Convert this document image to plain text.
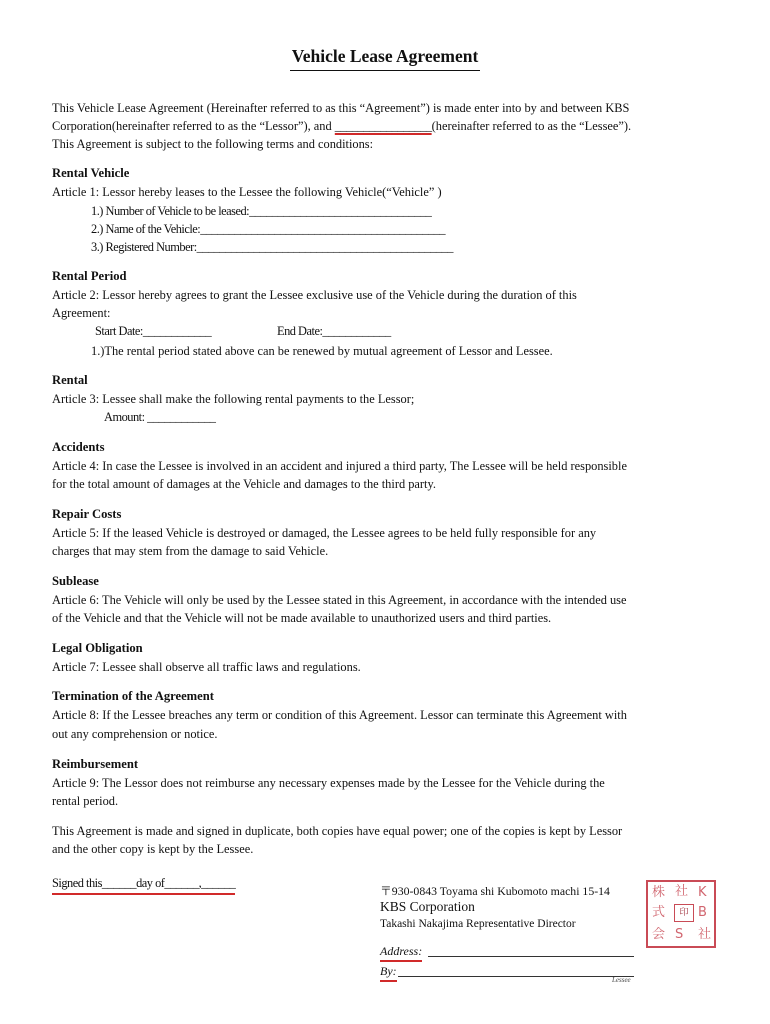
Vehicle Lease Agreement
This Vehicle Lease Agreement (Hereinafter referred to as this “Agreement”) is made enter into by and between KBS
Corporation(hereinafter referred to as the “Lessor”), and _________________(hereinafter referred to as the “Lessee”).
This Agreement is subject to the following terms and conditions:
Rental Vehicle
Article 1: Lessor hereby leases to the Lessee the following Vehicle(“Vehicle” )
1.) Number of Vehicle to be leased:________________________________
2.) Name of the Vehicle:___________________________________________
3.) Registered Number:_____________________________________________
Rental Period
Article 2: Lessor hereby agrees to grant the Lessee exclusive use of the Vehicle during the duration of this
Agreement:
Start Date:____________	End Date:____________
1.)The rental period stated above can be renewed by mutual agreement of Lessor and Lessee.
Rental
Article 3: Lessee shall make the following rental payments to the Lessor;
Amount: ____________
Accidents
Article 4: In case the Lessee is involved in an accident and injured a third party, The Lessee will be held responsible
for the total amount of damages at the Vehicle and damages to the third party.
Repair Costs
Article 5: If the leased Vehicle is destroyed or damaged, the Lessee agrees to be held fully responsible for any
charges that may stem from the damage to said Vehicle.
Sublease
Article 6: The Vehicle will only be used by the Lessee stated in this Agreement, in accordance with the intended use
of the Vehicle and that the Vehicle will not be made available to unauthorized users and third parties.
Legal Obligation
Article 7: Lessee shall observe all traffic laws and regulations.
Termination of the Agreement
Article 8: If the Lessee breaches any term or condition of this Agreement. Lessor can terminate this Agreement with
out any comprehension or notice.
Reimbursement
Article 9: The Lessor does not reimburse any necessary expenses made by the Lessee for the Vehicle during the
rental period.
This Agreement is made and signed in duplicate, both copies have equal power; one of the copies is kept by Lessor
and the other copy is kept by the Lessee.
Signed this______day of______,______
〒930-0843 Toyama shi Kubomoto machi 15-14
KBS Corporation
Takashi Nakajima Representative Director
Address:
By:
Lessee
株
式
会
社
S
K
B
社
印
